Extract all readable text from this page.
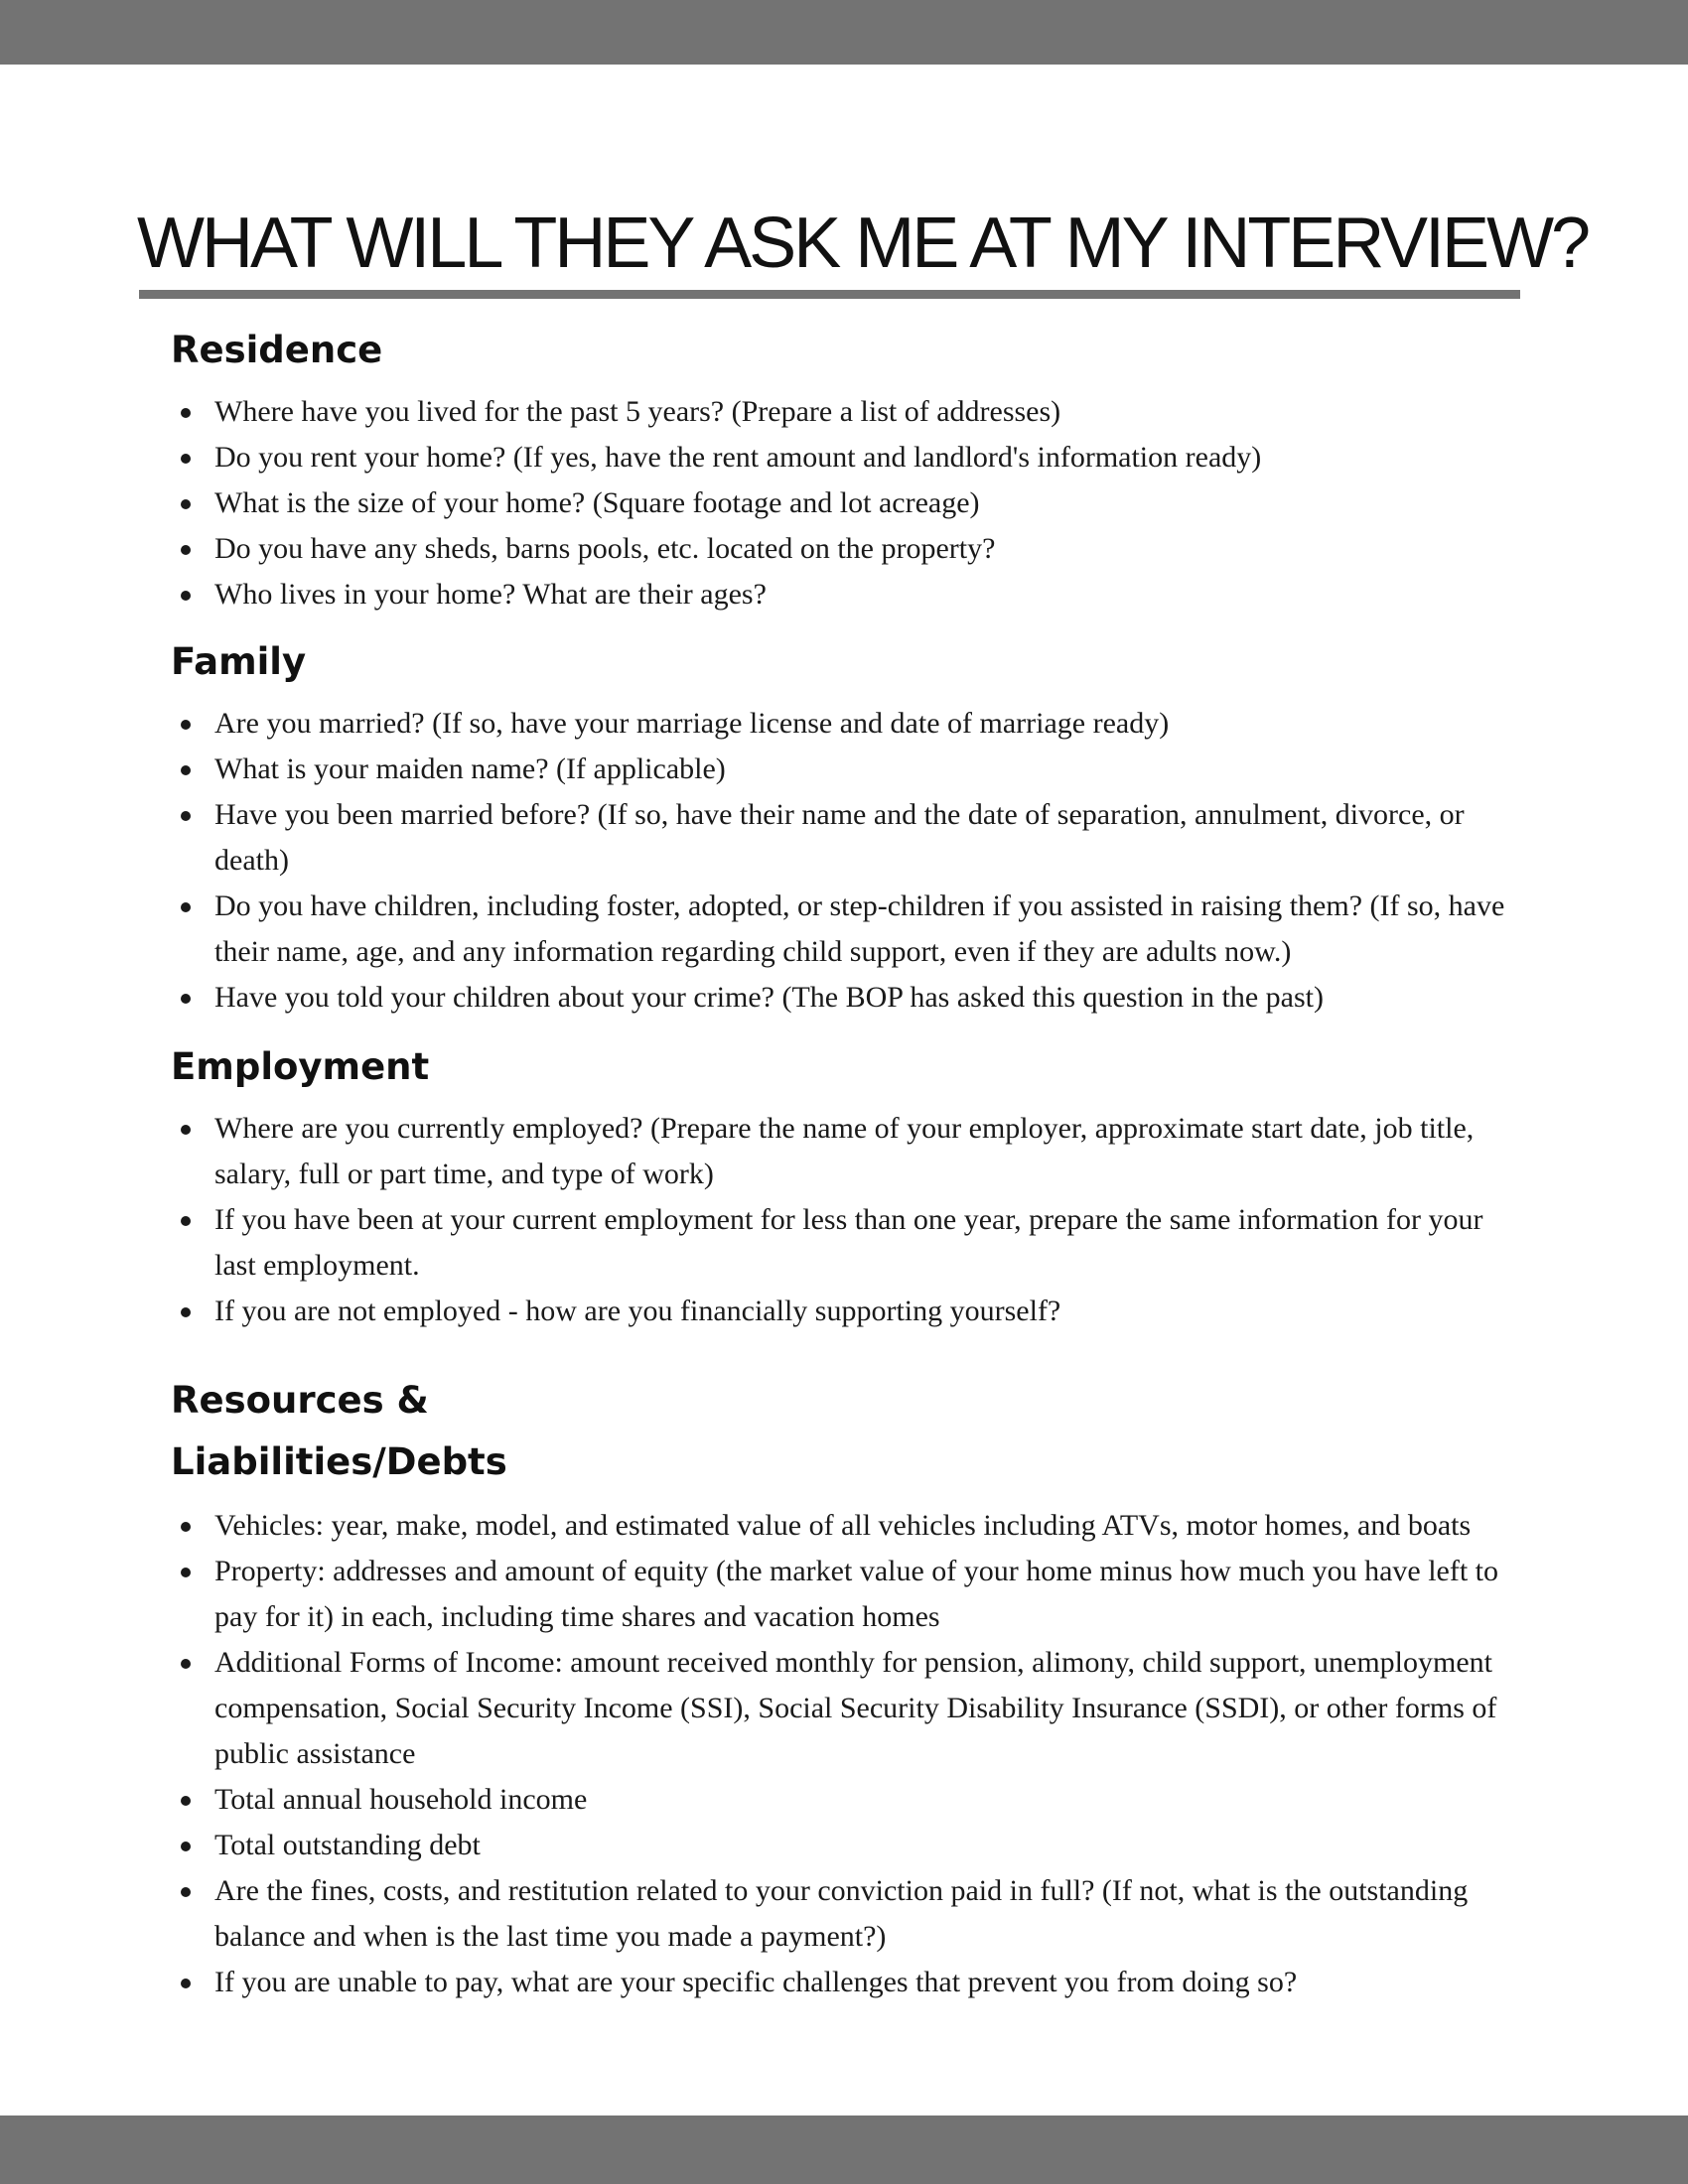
WHAT WILL THEY ASK ME AT MY INTERVIEW?
Residence
Where have you lived for the past 5 years? (Prepare a list of addresses)
Do you rent your home? (If yes, have the rent amount and landlord's information ready)
What is the size of your home? (Square footage and lot acreage)
Do you have any sheds, barns pools, etc. located on the property?
Who lives in your home? What are their ages?
Family
Are you married? (If so, have your marriage license and date of marriage ready)
What is your maiden name? (If applicable)
Have you been married before? (If so, have their name and the date of separation, annulment, divorce, or death)
Do you have children, including foster, adopted, or step-children if you assisted in raising them? (If so, have their name, age, and any information regarding child support, even if they are adults now.)
Have you told your children about your crime? (The BOP has asked this question in the past)
Employment
Where are you currently employed? (Prepare the name of your employer, approximate start date, job title, salary, full or part time, and type of work)
If you have been at your current employment for less than one year, prepare the same information for your last employment.
If you are not employed - how are you financially supporting yourself?
Resources & Liabilities/Debts
Vehicles: year, make, model, and estimated value of all vehicles including ATVs, motor homes, and boats
Property: addresses and amount of equity (the market value of your home minus how much you have left to pay for it) in each, including time shares and vacation homes
Additional Forms of Income: amount received monthly for pension, alimony, child support, unemployment compensation, Social Security Income (SSI), Social Security Disability Insurance (SSDI), or other forms of public assistance
Total annual household income
Total outstanding debt
Are the fines, costs, and restitution related to your conviction paid in full? (If not, what is the outstanding balance and when is the last time you made a payment?)
If you are unable to pay, what are your specific challenges that prevent you from doing so?
